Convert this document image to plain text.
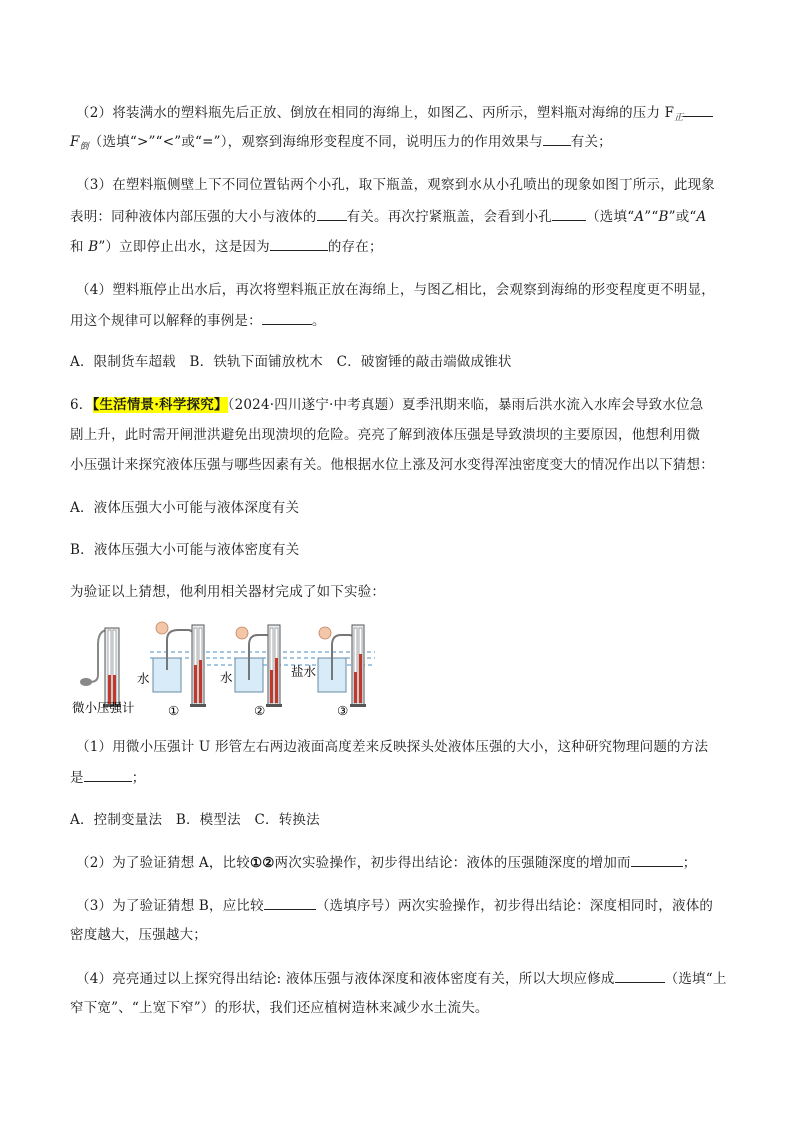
（2）将装满水的塑料瓶先后正放、倒放在相同的海绵上，如图乙、丙所示，塑料瓶对海绵的压力 $F_正$
$F_倒$（选填“>”“<”或“=”），观察到海绵形变程度不同，说明压力的作用效果与 有关；
（3）在塑料瓶侧壁上下不同位置钻两个小孔，取下瓶盖，观察到水从小孔喷出的现象如图丁所示，此现象
表明：同种液体内部压强的大小与液体的 有关。再次拧紧瓶盖，会看到小孔	（选填“A”“B”或“A
和 B”）立即停止出水，这是因为	的存在；
（4）塑料瓶停止出水后，再次将塑料瓶正放在海绵上，与图乙相比，会观察到海绵的形变程度更不明显，
用这个规律可以解释的事例是：	。
A．限制货车超载　B．铁轨下面铺放枕木　C．破窗锤的敲击端做成锥状
6．【生活情景·科学探究】（2024·四川遂宁·中考真题）夏季汛期来临，暴雨后洪水流入水库会导致水位急
剧上升，此时需开闸泄洪避免出现溃坝的危险。亮亮了解到液体压强是导致溃坝的主要原因，他想利用微
小压强计来探究液体压强与哪些因素有关。他根据水位上涨及河水变得浑浊密度变大的情况作出以下猜想：
A．液体压强大小可能与液体深度有关
B．液体压强大小可能与液体密度有关
为验证以上猜想，他利用相关器材完成了如下实验：
水	水	盐水
微小压强计	①	②	③
（1）用微小压强计 U 形管左右两边液面高度差来反映探头处液体压强的大小，这种研究物理问题的方法
是	；
A．控制变量法　B．模型法　C．转换法
（2）为了验证猜想 A，比较①②两次实验操作，初步得出结论：液体的压强随深度的增加而	；
（3）为了验证猜想 B，应比较	（选填序号）两次实验操作，初步得出结论：深度相同时，液体的
密度越大，压强越大；
（4）亮亮通过以上探究得出结论: 液体压强与液体深度和液体密度有关，所以大坝应修成	（选填“上
窄下宽”、“上宽下窄”）的形状，我们还应植树造林来减少水土流失。
